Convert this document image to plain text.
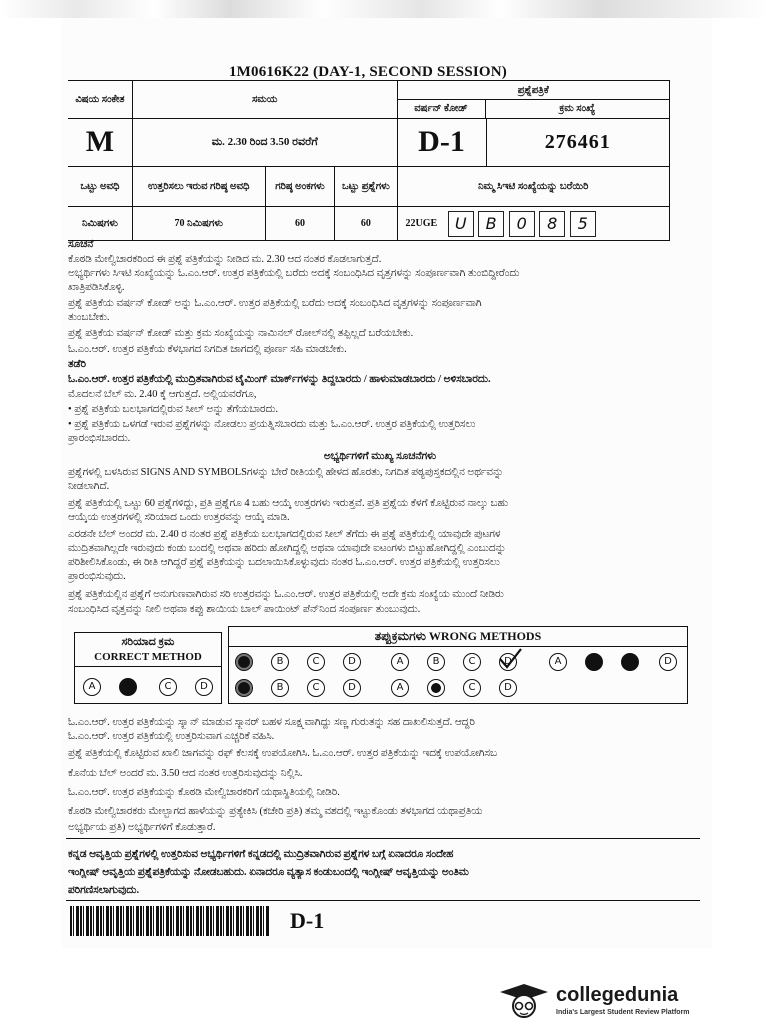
1M0616K22 (DAY-1, SECOND SESSION)
ವಿಷಯ ಸಂಕೇತ	ಸಮಯ			ಪ್ರಶ್ನೆಪತ್ರಿಕೆ
ವರ್ಷನ್ ಕೋಡ್ ಕ್ರಮ ಸಂಖ್ಯೆ	

M	ಮ. 2.30 ರಿಂದ 3.50 ರವರೆಗೆ			D-1	276461
ಒಟ್ಟು ಅವಧಿ	ಉತ್ತರಿಸಲು ಇರುವ ಗರಿಷ್ಠ ಅವಧಿ	ಗರಿಷ್ಠ ಅಂಕಗಳು	ಒಟ್ಟು ಪ್ರಶ್ನೆಗಳು	ನಿಮ್ಮ ಸಿಇಟಿ ಸಂಖ್ಯೆಯನ್ನು ಬರೆಯಿರಿ	
ನಿಮಿಷಗಳು	70 ನಿಮಿಷಗಳು	60	60	22UGE U B 0 8 5	
ಸೂಚನೆ
ಕೊಠಡಿ ಮೇಲ್ವಿಚಾರಕರಿಂದ ಈ ಪ್ರಶ್ನೆ ಪತ್ರಿಕೆಯನ್ನು ನೀಡಿದ ಮ. 2.30 ಆದ ನಂತರ ಕೊಡಲಾಗುತ್ತದೆ.
ಅಭ್ಯರ್ಥಿಗಳು ಸಿಇಟಿ ಸಂಖ್ಯೆಯನ್ನು ಓ.ಎಂ.ಆರ್. ಉತ್ತರ ಪತ್ರಿಕೆಯಲ್ಲಿ ಬರೆದು ಅದಕ್ಕೆ ಸಂಬಂಧಿಸಿದ ವೃತ್ತಗಳನ್ನು ಸಂಪೂರ್ಣವಾಗಿ ತುಂಬಿದ್ದೀರೆಂದು
ಖಾತ್ರಿಪಡಿಸಿಕೊಳ್ಳಿ.
ಪ್ರಶ್ನೆ ಪತ್ರಿಕೆಯ ವರ್ಷನ್ ಕೋಡ್ ಅನ್ನು ಓ.ಎಂ.ಆರ್. ಉತ್ತರ ಪತ್ರಿಕೆಯಲ್ಲಿ ಬರೆದು ಅದಕ್ಕೆ ಸಂಬಂಧಿಸಿದ ವೃತ್ತಗಳನ್ನು ಸಂಪೂರ್ಣವಾಗಿ
ತುಂಬಬೇಕು.
ಪ್ರಶ್ನೆ ಪತ್ರಿಕೆಯ ವರ್ಷನ್ ಕೋಡ್ ಮತ್ತು ಕ್ರಮ ಸಂಖ್ಯೆಯನ್ನು ನಾಮಿನಲ್ ರೋಲ್‌ನಲ್ಲಿ ತಪ್ಪಿಲ್ಲದೆ ಬರೆಯಬೇಕು.
ಓ.ಎಂ.ಆರ್. ಉತ್ತರ ಪತ್ರಿಕೆಯ ಕೆಳಭಾಗದ ನಿಗದಿತ ಜಾಗದಲ್ಲಿ ಪೂರ್ಣ ಸಹಿ ಮಾಡಬೇಕು.
ತಡೆರಿ
ಓ.ಎಂ.ಆರ್. ಉತ್ತರ ಪತ್ರಿಕೆಯಲ್ಲಿ ಮುದ್ರಿತವಾಗಿರುವ ಟೈಮಿಂಗ್ ಮಾರ್ಕ್‌ಗಳನ್ನು ತಿದ್ದಬಾರದು / ಹಾಳುಮಾಡಬಾರದು / ಅಳಿಸಬಾರದು.
ಮೊದಲನೆ ಬೆಲ್ ಮ. 2.40 ಕ್ಕೆ ಆಗುತ್ತದೆ. ಅಲ್ಲಿಯವರೆಗೂ,
• ಪ್ರಶ್ನೆ ಪತ್ರಿಕೆಯ ಬಲಭಾಗದಲ್ಲಿರುವ ಸೀಲ್ ಅನ್ನು ತೆಗೆಯಬಾರದು.
• ಪ್ರಶ್ನೆ ಪತ್ರಿಕೆಯ ಒಳಗಡೆ ಇರುವ ಪ್ರಶ್ನೆಗಳನ್ನು ನೋಡಲು ಪ್ರಯತ್ನಿಸಬಾರದು ಮತ್ತು ಓ.ಎಂ.ಆರ್. ಉತ್ತರ ಪತ್ರಿಕೆಯಲ್ಲಿ ಉತ್ತರಿಸಲು
ಪ್ರಾರಂಭಿಸಬಾರದು.
ಅಭ್ಯರ್ಥಿಗಳಿಗೆ ಮುಖ್ಯ ಸೂಚನೆಗಳು
ಪ್ರಶ್ನೆಗಳಲ್ಲಿ ಬಳಸಿರುವ SIGNS AND SYMBOLSಗಳನ್ನು ಬೇರೆ ರೀತಿಯಲ್ಲಿ ಹೇಳದ ಹೊರತು, ನಿಗದಿತ ಪಠ್ಯಪುಸ್ತಕದಲ್ಲಿನ ಅರ್ಥವನ್ನು
ನೀಡಲಾಗಿದೆ.
ಪ್ರಶ್ನೆ ಪತ್ರಿಕೆಯಲ್ಲಿ ಒಟ್ಟು 60 ಪ್ರಶ್ನೆಗಳಿದ್ದು, ಪ್ರತಿ ಪ್ರಶ್ನೆಗೂ 4 ಬಹು ಆಯ್ಕೆ ಉತ್ತರಗಳು ಇರುತ್ತವೆ. ಪ್ರತಿ ಪ್ರಶ್ನೆಯ ಕೆಳಗೆ ಕೊಟ್ಟಿರುವ ನಾಲ್ಕು ಬಹು
ಆಯ್ಕೆಯ ಉತ್ತರಗಳಲ್ಲಿ ಸರಿಯಾದ ಒಂದು ಉತ್ತರವನ್ನು ಆಯ್ಕೆ ಮಾಡಿ.
ಎರಡನೇ ಬೆಲ್ ಅಂದರೆ ಮ. 2.40 ರ ನಂತರ ಪ್ರಶ್ನೆ ಪತ್ರಿಕೆಯ ಬಲಭಾಗದಲ್ಲಿರುವ ಸೀಲ್ ತೆಗೆದು ಈ ಪ್ರಶ್ನೆ ಪತ್ರಿಕೆಯಲ್ಲಿ ಯಾವುದೇ ಪುಟಗಳ
ಮುದ್ರಿತವಾಗಿಲ್ಲದೇ ಇರುವುದು ಕಂಡು ಬಂದಲ್ಲಿ ಅಥವಾ ಹರಿದು ಹೋಗಿದ್ದಲ್ಲಿ ಅಥವಾ ಯಾವುದೇ ಐಟಂಗಳು ಬಿಟ್ಟುಹೋಗಿದ್ದಲ್ಲಿ ಎಂಬುದನ್ನು
ಪರಿಶೀಲಿಸಿಕೊಂಡು, ಈ ರೀತಿ ಆಗಿದ್ದರೆ ಪ್ರಶ್ನೆ ಪತ್ರಿಕೆಯನ್ನು ಬದಲಾಯಿಸಿಕೊಳ್ಳುವುದು ನಂತರ ಓ.ಎಂ.ಆರ್. ಉತ್ತರ ಪತ್ರಿಕೆಯಲ್ಲಿ ಉತ್ತರಿಸಲು
ಪ್ರಾರಂಭಿಸುವುದು.
ಪ್ರಶ್ನೆ ಪತ್ರಿಕೆಯಲ್ಲಿನ ಪ್ರಶ್ನೆಗೆ ಅನುಗುಣವಾಗಿರುವ ಸರಿ ಉತ್ತರವನ್ನು ಓ.ಎಂ.ಆರ್. ಉತ್ತರ ಪತ್ರಿಕೆಯಲ್ಲಿ ಅದೇ ಕ್ರಮ ಸಂಖ್ಯೆಯ ಮುಂದೆ ನೀಡಿರು
ಸಂಬಂಧಿಸಿದ ವೃತ್ತವನ್ನು ನೀಲಿ ಅಥವಾ ಕಪ್ಪು ಶಾಯಿಯ ಬಾಲ್ ಪಾಯಿಂಟ್ ಪೆನ್‌ನಿಂದ ಸಂಪೂರ್ಣ ತುಂಬುವುದು.
ಸರಿಯಾದ ಕ್ರಮ
CORRECT METHOD
A	B	C	D
ತಪ್ಪುಕ್ರಮಗಳು WRONG METHODS
B	C	D	A	B	C	D	A	B	C	D
B	C	D	A	C	D
ಓ.ಎಂ.ಆರ್. ಉತ್ತರ ಪತ್ರಿಕೆಯನ್ನು ಸ್ಕ್ಯಾನ್ ಮಾಡುವ ಸ್ಕ್ಯಾನರ್ ಬಹಳ ಸೂಕ್ಷ್ಮವಾಗಿದ್ದು ಸಣ್ಣ ಗುರುತನ್ನು ಸಹ ದಾಖಲಿಸುತ್ತದೆ. ಆದ್ದರಿ
ಓ.ಎಂ.ಆರ್. ಉತ್ತರ ಪತ್ರಿಕೆಯಲ್ಲಿ ಉತ್ತರಿಸುವಾಗ ಎಚ್ಚರಿಕೆ ವಹಿಸಿ.
ಪ್ರಶ್ನೆ ಪತ್ರಿಕೆಯಲ್ಲಿ ಕೊಟ್ಟಿರುವ ಖಾಲಿ ಜಾಗವನ್ನು ರಫ್ ಕೆಲಸಕ್ಕೆ ಉಪಯೋಗಿಸಿ. ಓ.ಎಂ.ಆರ್. ಉತ್ತರ ಪತ್ರಿಕೆಯನ್ನು ಇದಕ್ಕೆ ಉಪಯೋಗಿಸಬ
ಕೊನೆಯ ಬೆಲ್ ಅಂದರೆ ಮ. 3.50 ಆದ ನಂತರ ಉತ್ತರಿಸುವುದನ್ನು ನಿಲ್ಲಿಸಿ.
ಓ.ಎಂ.ಆರ್. ಉತ್ತರ ಪತ್ರಿಕೆಯನ್ನು ಕೊಠಡಿ ಮೇಲ್ವಿಚಾರಕರಿಗೆ ಯಥಾಸ್ಥಿತಿಯಲ್ಲಿ ನೀಡಿರಿ.
ಕೊಠಡಿ ಮೇಲ್ವಿಚಾರಕರು ಮೇಲ್ಭಾಗದ ಹಾಳೆಯನ್ನು ಪ್ರತ್ಯೇಕಿಸಿ (ಕಚೇರಿ ಪ್ರತಿ) ತಮ್ಮ ವಶದಲ್ಲಿ ಇಟ್ಟುಕೊಂಡು ತಳಭಾಗದ ಯಥಾಪ್ರತಿಯ
ಅಭ್ಯರ್ಥಿಯ ಪ್ರತಿ) ಅಭ್ಯರ್ಥಿಗಳಿಗೆ ಕೊಡುತ್ತಾರೆ.
ಕನ್ನಡ ಆವೃತ್ತಿಯ ಪ್ರಶ್ನೆಗಳಲ್ಲಿ ಉತ್ತರಿಸುವ ಅಭ್ಯರ್ಥಿಗಳಿಗೆ ಕನ್ನಡದಲ್ಲಿ ಮುದ್ರಿತವಾಗಿರುವ ಪ್ರಶ್ನೆಗಳ ಬಗ್ಗೆ ಏನಾದರೂ ಸಂದೇಹ
ಇಂಗ್ಲೀಷ್ ಆವೃತ್ತಿಯ ಪ್ರಶ್ನೆಪತ್ರಿಕೆಯನ್ನು ನೋಡಬಹುದು. ಏನಾದರೂ ವ್ಯತ್ಯಾಸ ಕಂಡುಬಂದಲ್ಲಿ ಇಂಗ್ಲೀಷ್ ಆವೃತ್ತಿಯನ್ನು ಅಂತಿಮ
ಪರಿಗಣಿಸಲಾಗುವುದು.
D-1
collegedunia
India's Largest Student Review Platform
